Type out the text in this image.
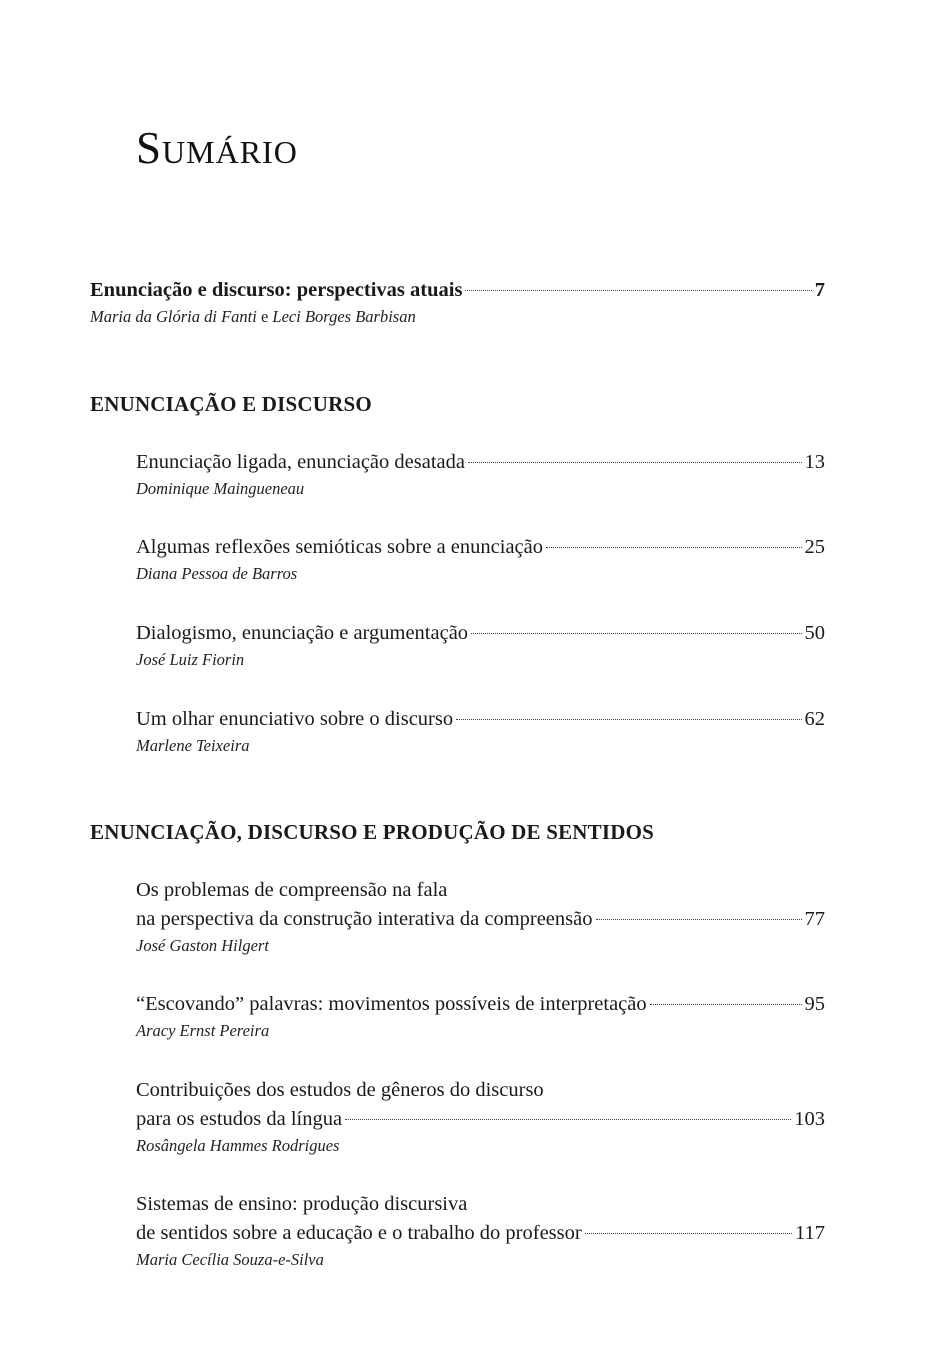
Sumário
Enunciação e discurso: perspectivas atuais	7
Maria da Glória di Fanti e Leci Borges Barbisan
ENUNCIAÇÃO E DISCURSO
Enunciação ligada, enunciação desatada	13
Dominique Maingueneau
Algumas reflexões semióticas sobre a enunciação	25
Diana Pessoa de Barros
Dialogismo, enunciação e argumentação	50
José Luiz Fiorin
Um olhar enunciativo sobre o discurso	62
Marlene Teixeira
ENUNCIAÇÃO, DISCURSO E PRODUÇÃO DE SENTIDOS
Os problemas de compreensão na fala
na perspectiva da construção interativa da compreensão	77
José Gaston Hilgert
“Escovando” palavras: movimentos possíveis de interpretação	95
Aracy Ernst Pereira
Contribuições dos estudos de gêneros do discurso
para os estudos da língua	103
Rosângela Hammes Rodrigues
Sistemas de ensino: produção discursiva
de sentidos sobre a educação e o trabalho do professor	117
Maria Cecília Souza-e-Silva
